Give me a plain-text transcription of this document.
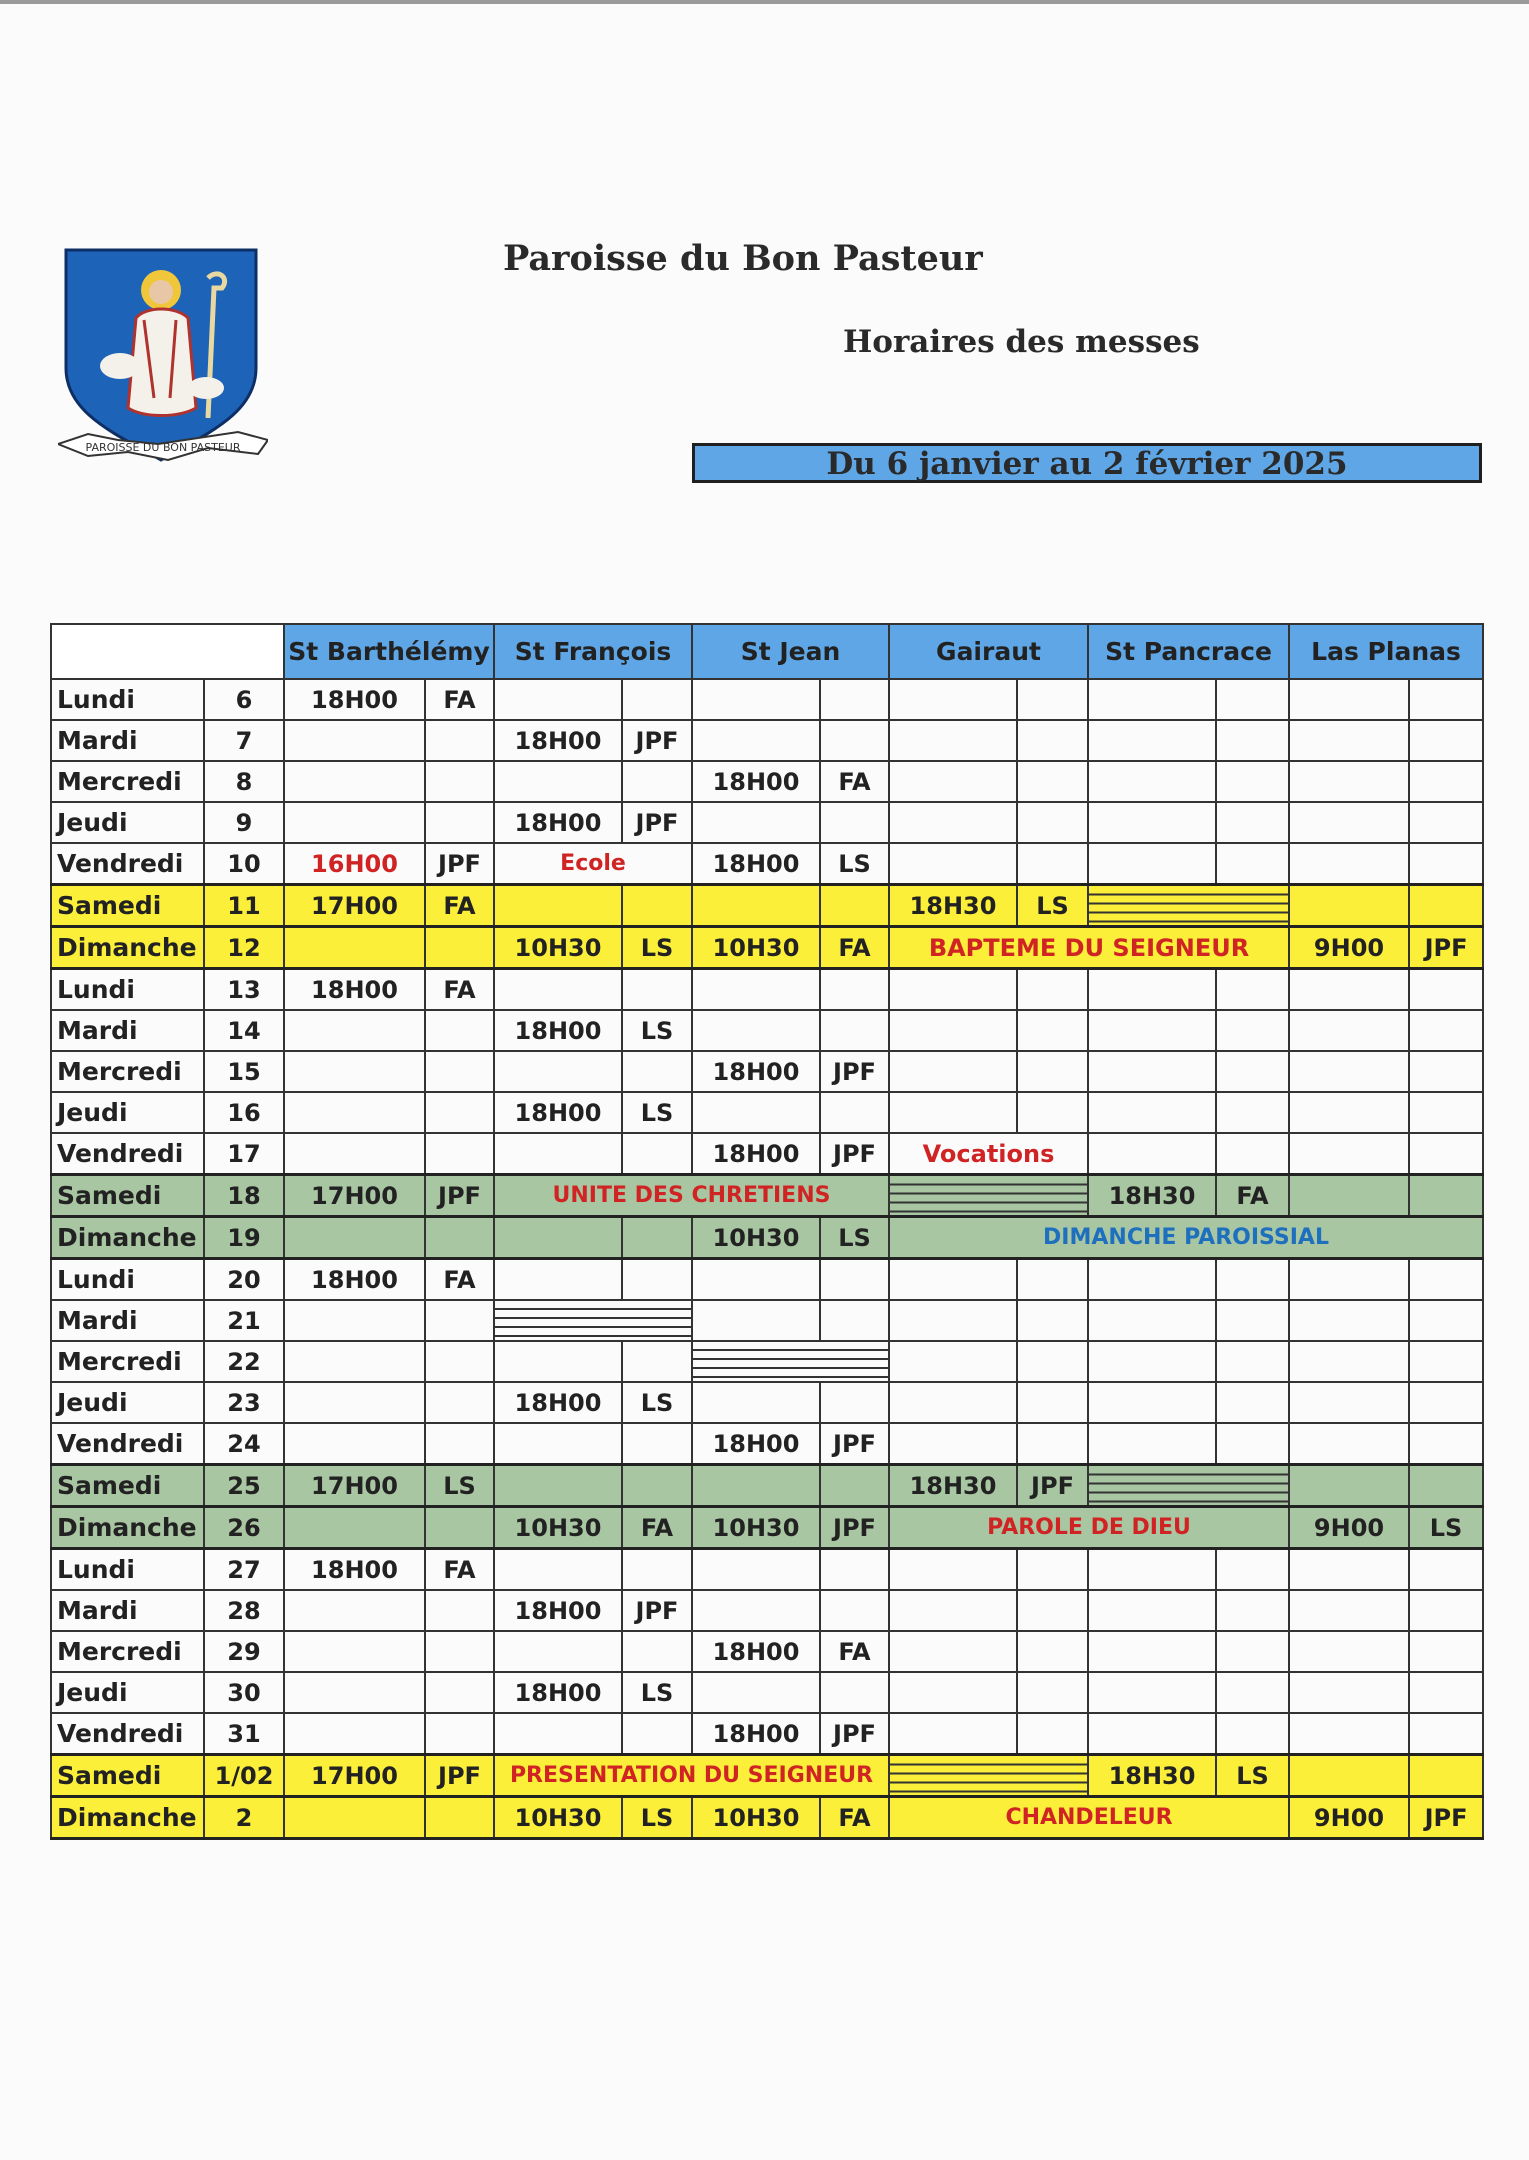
PAROISSE DU BON PASTEUR
Paroisse du Bon Pasteur
Horaires des messes
Du 6 janvier au 2 février 2025
		St Barthélémy		St François		St Jean		Gairaut		St Pancrace		Las Planas	
Lundi	6	18H00	FA										
Mardi	7			18H00	JPF								
Mercredi	8					18H00	FA						
Jeudi	9			18H00	JPF								
Vendredi	10	16H00	JPF	Ecole		18H00	LS						
Samedi	11	17H00	FA					18H30	LS				
Dimanche	12			10H30	LS	10H30	FA	BAPTEME DU SEIGNEUR				9H00	JPF
Lundi	13	18H00	FA										
Mardi	14			18H00	LS								
Mercredi	15					18H00	JPF						
Jeudi	16			18H00	LS								
Vendredi	17					18H00	JPF	Vocations					
Samedi	18	17H00	JPF	UNITE DES CHRETIENS						18H30	FA		
Dimanche	19					10H30	LS	DIMANCHE PAROISSIAL					
Lundi	20	18H00	FA										
Mardi	21												
Mercredi	22												
Jeudi	23			18H00	LS								
Vendredi	24					18H00	JPF						
Samedi	25	17H00	LS					18H30	JPF				
Dimanche	26			10H30	FA	10H30	JPF	PAROLE DE DIEU				9H00	LS
Lundi	27	18H00	FA										
Mardi	28			18H00	JPF								
Mercredi	29					18H00	FA						
Jeudi	30			18H00	LS								
Vendredi	31					18H00	JPF						
Samedi	1/02	17H00	JPF	PRESENTATION DU SEIGNEUR						18H30	LS		
Dimanche	2			10H30	LS	10H30	FA	CHANDELEUR				9H00	JPF
